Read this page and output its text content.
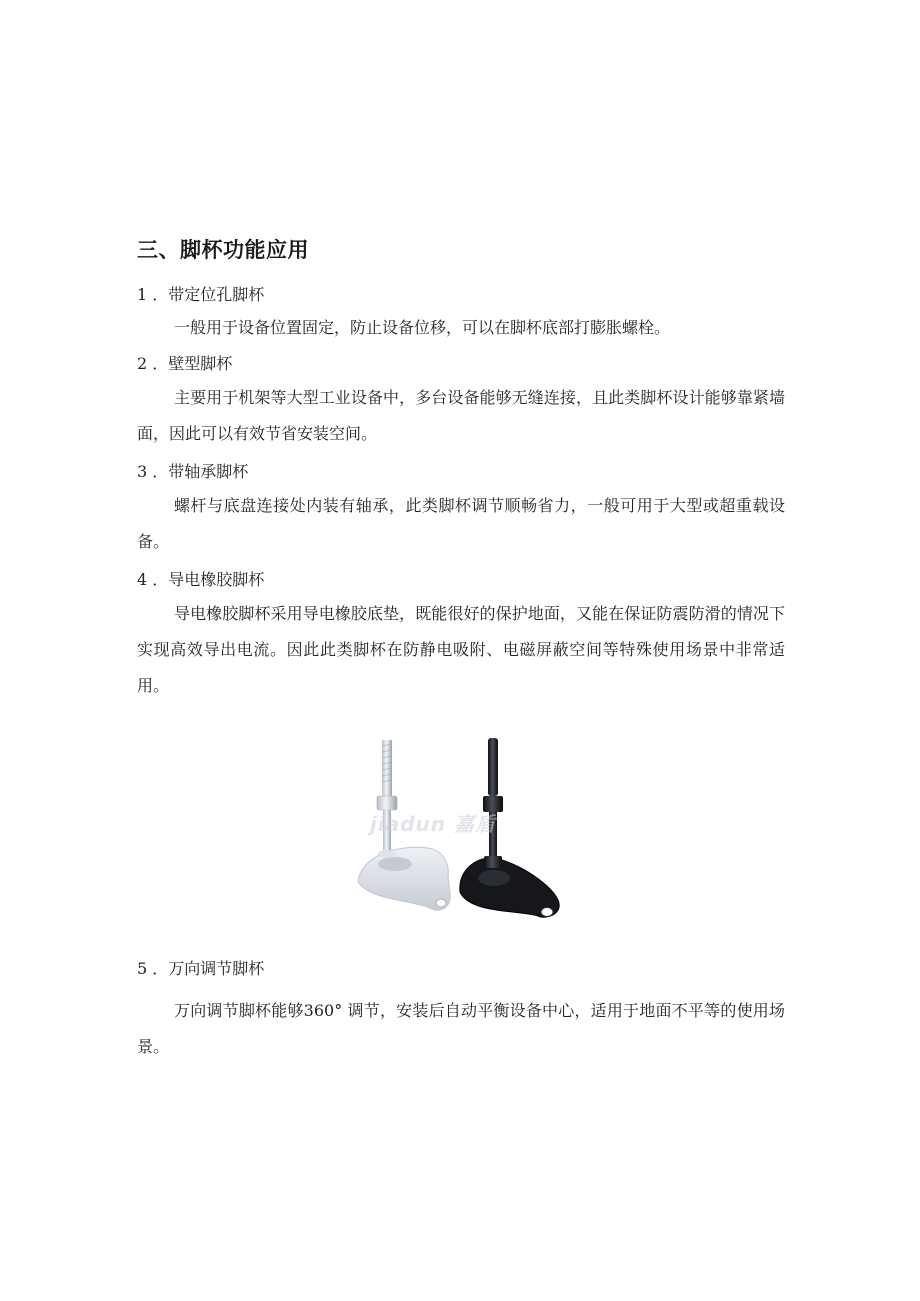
三、脚杯功能应用
1 ．带定位孔脚杯
一般用于设备位置固定，防止设备位移，可以在脚杯底部打膨胀螺栓。
2 ．壁型脚杯
主要用于机架等大型工业设备中，多台设备能够无缝连接，且此类脚杯设计能够靠紧墙面，因此可以有效节省安装空间。
3 ．带轴承脚杯
螺杆与底盘连接处内装有轴承，此类脚杯调节顺畅省力，一般可用于大型或超重载设备。
4 ．导电橡胶脚杯
导电橡胶脚杯采用导电橡胶底垫，既能很好的保护地面，又能在保证防震防滑的情况下实现高效导出电流。因此此类脚杯在防静电吸附、电磁屏蔽空间等特殊使用场景中非常适用。
jiadun 嘉盾
5 ．万向调节脚杯
万向调节脚杯能够360° 调节，安装后自动平衡设备中心，适用于地面不平等的使用场景。
